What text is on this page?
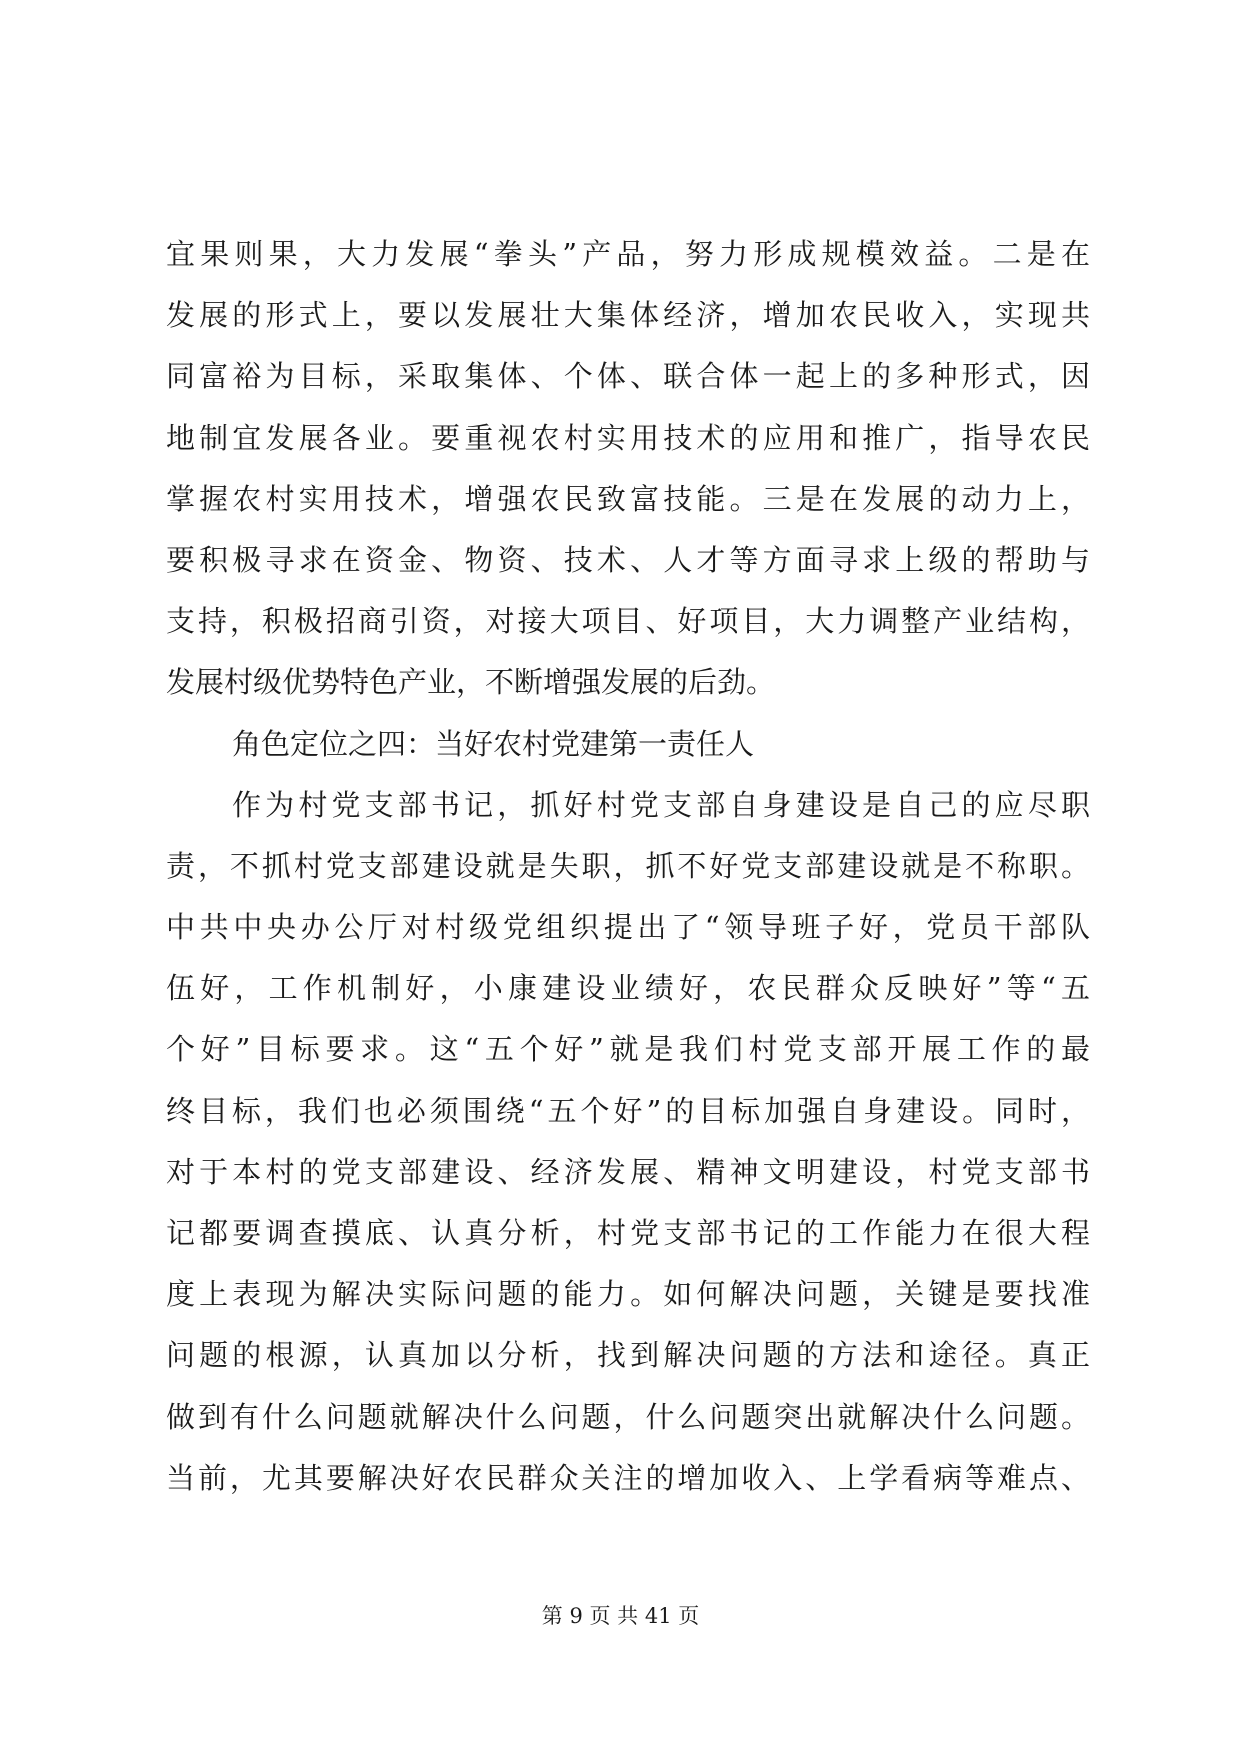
宜果则果，大力发展“拳头”产品，努力形成规模效益。二是在
发展的形式上，要以发展壮大集体经济，增加农民收入，实现共
同富裕为目标，采取集体、个体、联合体一起上的多种形式，因
地制宜发展各业。要重视农村实用技术的应用和推广，指导农民
掌握农村实用技术，增强农民致富技能。三是在发展的动力上，
要积极寻求在资金、物资、技术、人才等方面寻求上级的帮助与
支持，积极招商引资，对接大项目、好项目，大力调整产业结构，
发展村级优势特色产业，不断增强发展的后劲。
角色定位之四：当好农村党建第一责任人
作为村党支部书记，抓好村党支部自身建设是自己的应尽职
责，不抓村党支部建设就是失职，抓不好党支部建设就是不称职。
中共中央办公厅对村级党组织提出了“领导班子好，党员干部队
伍好，工作机制好，小康建设业绩好，农民群众反映好”等“五
个好”目标要求。这“五个好”就是我们村党支部开展工作的最
终目标，我们也必须围绕“五个好”的目标加强自身建设。同时，
对于本村的党支部建设、经济发展、精神文明建设，村党支部书
记都要调查摸底、认真分析，村党支部书记的工作能力在很大程
度上表现为解决实际问题的能力。如何解决问题，关键是要找准
问题的根源，认真加以分析，找到解决问题的方法和途径。真正
做到有什么问题就解决什么问题，什么问题突出就解决什么问题。
当前，尤其要解决好农民群众关注的增加收入、上学看病等难点、
第 9 页 共 41 页
